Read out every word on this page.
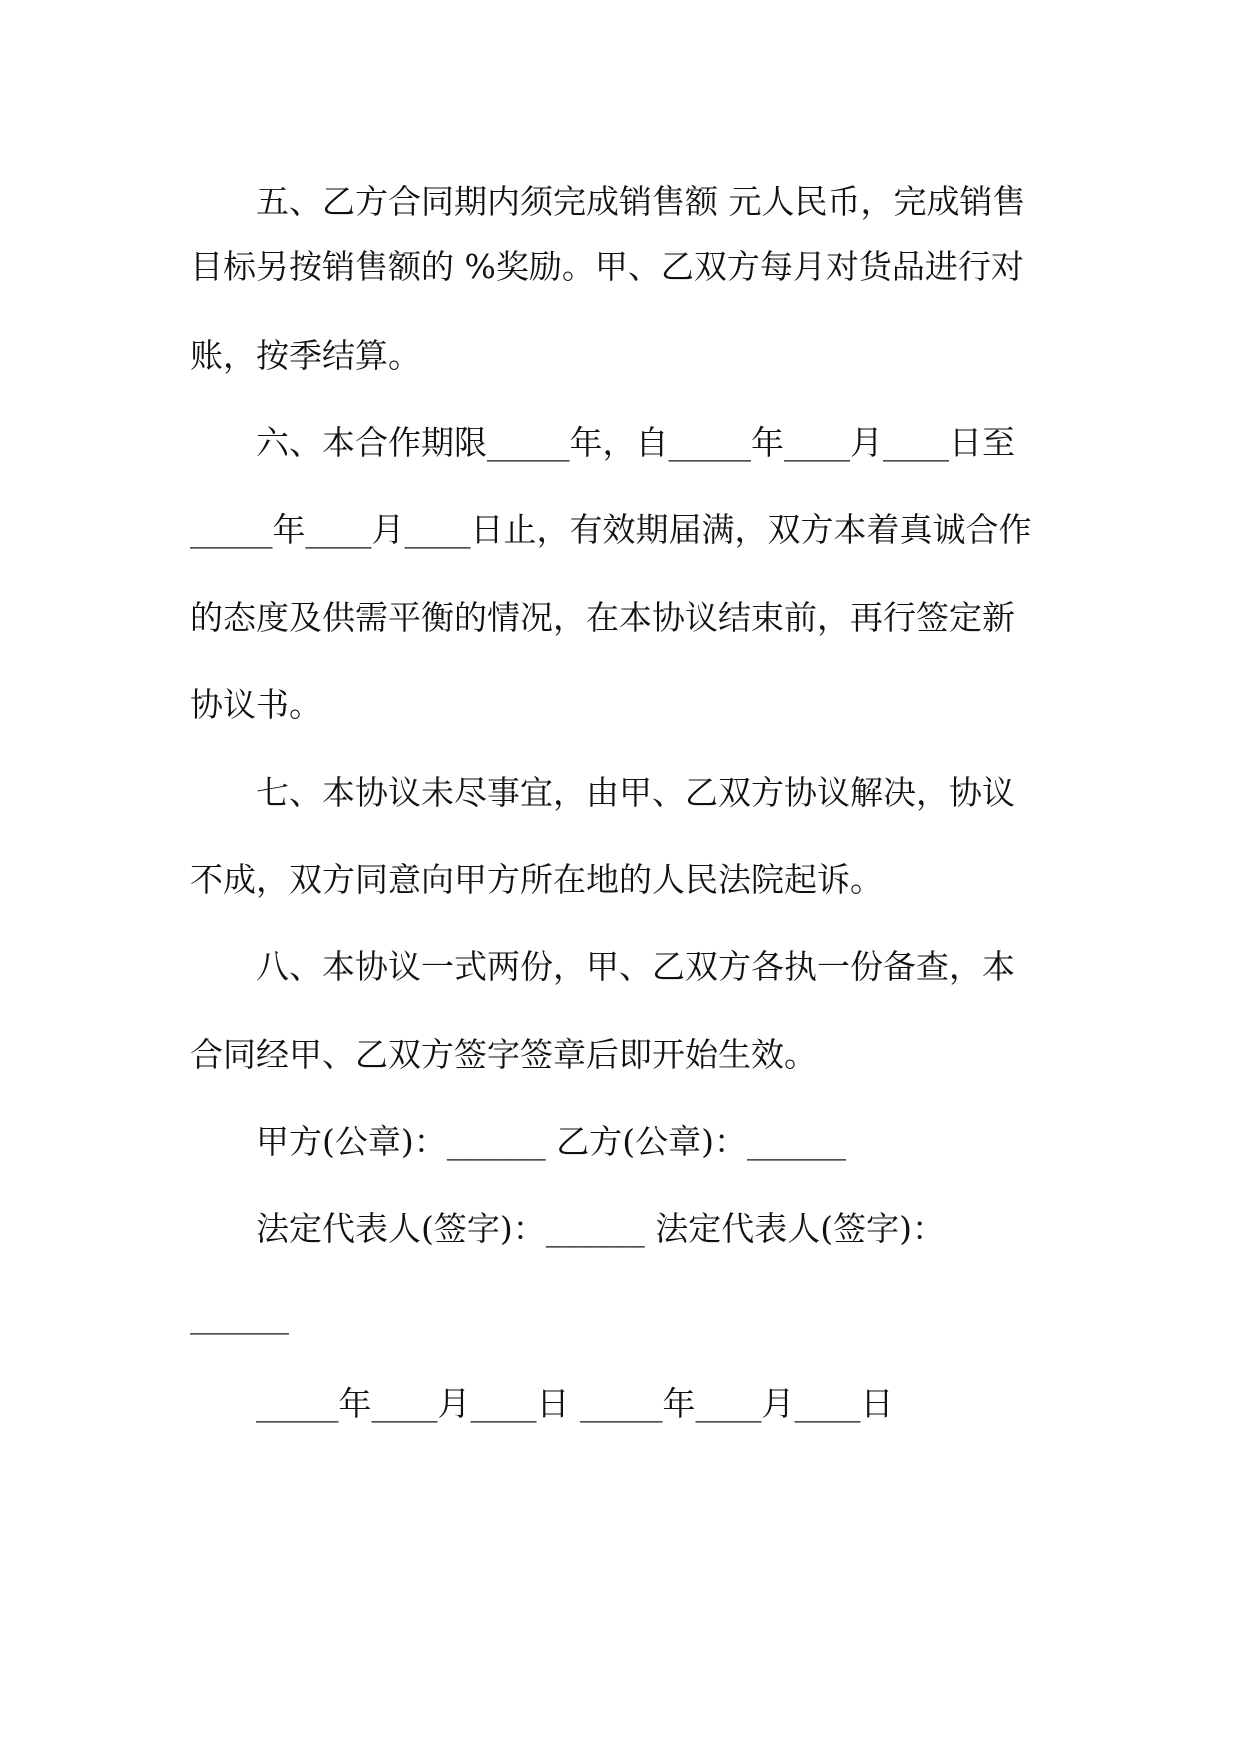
五、乙方合同期内须完成销售额 元人民币，完成销售
目标另按销售额的 %奖励。甲、乙双方每月对货品进行对
账，按季结算。
六、本合作期限_____年，自_____年____月____日至
_____年____月____日止，有效期届满，双方本着真诚合作
的态度及供需平衡的情况，在本协议结束前，再行签定新
协议书。
七、本协议未尽事宜，由甲、乙双方协议解决，协议
不成，双方同意向甲方所在地的人民法院起诉。
八、本协议一式两份，甲、乙双方各执一份备查，本
合同经甲、乙双方签字签章后即开始生效。
甲方(公章)：______ 乙方(公章)：______
法定代表人(签字)：______ 法定代表人(签字)：
______
_____年____月____日 _____年____月____日
